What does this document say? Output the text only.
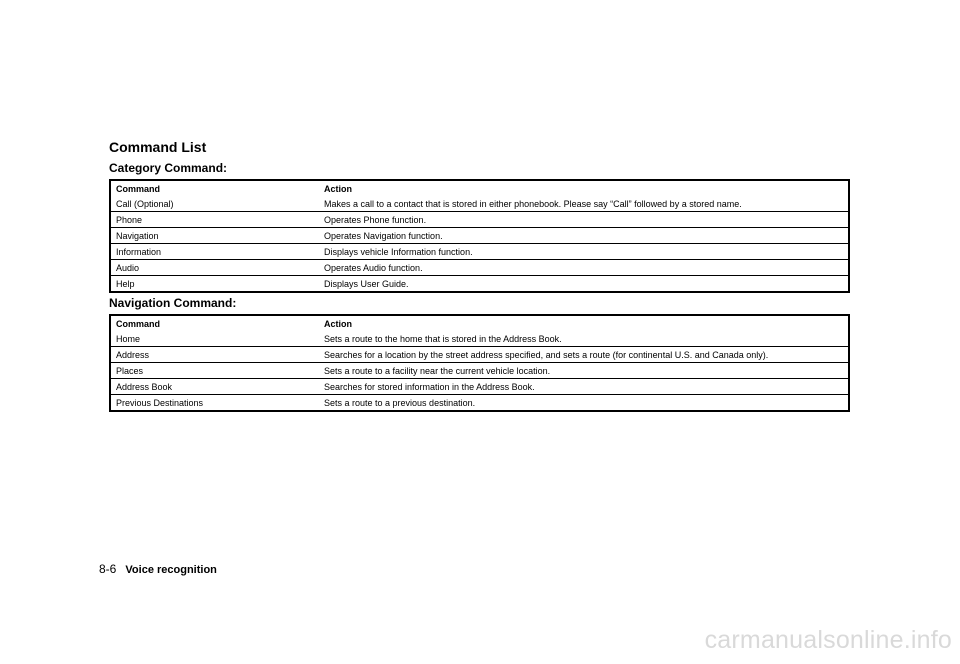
Command List
Category Command:
Command	Action
Call (Optional)	Makes a call to a contact that is stored in either phonebook. Please say “Call” followed by a stored name.
Phone	Operates Phone function.
Navigation	Operates Navigation function.
Information	Displays vehicle Information function.
Audio	Operates Audio function.
Help	Displays User Guide.
Navigation Command:
Command	Action
Home	Sets a route to the home that is stored in the Address Book.
Address	Searches for a location by the street address specified, and sets a route (for continental U.S. and Canada only).
Places	Sets a route to a facility near the current vehicle location.
Address Book	Searches for stored information in the Address Book.
Previous Destinations	Sets a route to a previous destination.

8-6 Voice recognition

carmanualsonline.info
